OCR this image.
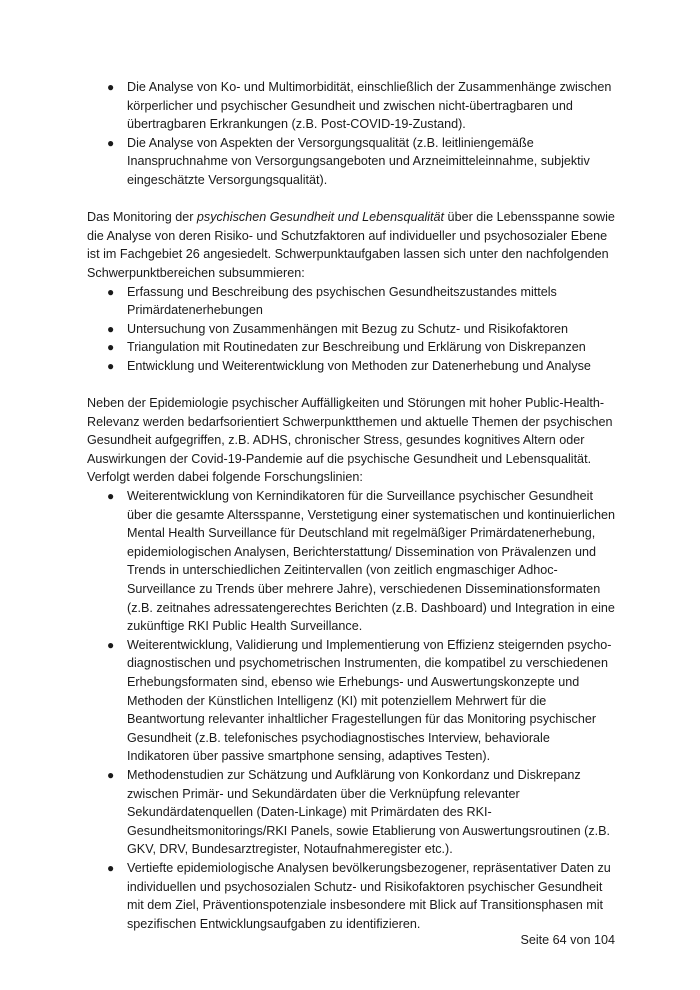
● Die Analyse von Ko- und Multimorbidität, einschließlich der Zusammenhänge zwischen körperlicher und psychischer Gesundheit und zwischen nicht-übertragbaren und übertragbaren Erkrankungen (z.B. Post-COVID-19-Zustand).
● Die Analyse von Aspekten der Versorgungsqualität (z.B. leitliniengemäße Inanspruchnahme von Versorgungsangeboten und Arzneimitteleinnahme, subjektiv eingeschätzte Versorgungsqualität).

Das Monitoring der psychischen Gesundheit und Lebensqualität über die Lebensspanne sowie die Analyse von deren Risiko- und Schutzfaktoren auf individueller und psychosozialer Ebene ist im Fachgebiet 26 angesiedelt. Schwerpunktaufgaben lassen sich unter den nachfolgenden Schwerpunktbereichen subsummieren:

● Erfassung und Beschreibung des psychischen Gesundheitszustandes mittels Primärdatenerhebungen
● Untersuchung von Zusammenhängen mit Bezug zu Schutz- und Risikofaktoren
● Triangulation mit Routinedaten zur Beschreibung und Erklärung von Diskrepanzen
● Entwicklung und Weiterentwicklung von Methoden zur Datenerhebung und Analyse

Neben der Epidemiologie psychischer Auffälligkeiten und Störungen mit hoher Public-Health-Relevanz werden bedarfsorientiert Schwerpunktthemen und aktuelle Themen der psychischen Gesundheit aufgegriffen, z.B. ADHS, chronischer Stress, gesundes kognitives Altern oder Auswirkungen der Covid-19-Pandemie auf die psychische Gesundheit und Lebensqualität. Verfolgt werden dabei folgende Forschungslinien:

● Weiterentwicklung von Kernindikatoren für die Surveillance psychischer Gesundheit über die gesamte Altersspanne, Verstetigung einer systematischen und kontinuierlichen Mental Health Surveillance für Deutschland mit regelmäßiger Primärdatenerhebung, epidemiologischen Analysen, Berichterstattung/ Dissemination von Prävalenzen und Trends in unterschiedlichen Zeitintervallen (von zeitlich engmaschiger Adhoc-Surveillance zu Trends über mehrere Jahre), verschiedenen Disseminationsformaten (z.B. zeitnahes adressatengerechtes Berichten (z.B. Dashboard) und Integration in eine zukünftige RKI Public Health Surveillance.
● Weiterentwicklung, Validierung und Implementierung von Effizienz steigernden psycho-diagnostischen und psychometrischen Instrumenten, die kompatibel zu verschiedenen Erhebungsformaten sind, ebenso wie Erhebungs- und Auswertungskonzepte und Methoden der Künstlichen Intelligenz (KI) mit potenziellem Mehrwert für die Beantwortung relevanter inhaltlicher Fragestellungen für das Monitoring psychischer Gesundheit (z.B. telefonisches psychodiagnostisches Interview, behaviorale Indikatoren über passive smartphone sensing, adaptives Testen).
● Methodenstudien zur Schätzung und Aufklärung von Konkordanz und Diskrepanz zwischen Primär- und Sekundärdaten über die Verknüpfung relevanter Sekundärdatenquellen (Daten-Linkage) mit Primärdaten des RKI-Gesundheitsmonitorings/RKI Panels, sowie Etablierung von Auswertungsroutinen (z.B. GKV, DRV, Bundesarztregister, Notaufnahmeregister etc.).
● Vertiefte epidemiologische Analysen bevölkerungsbezogener, repräsentativer Daten zu individuellen und psychosozialen Schutz- und Risikofaktoren psychischer Gesundheit mit dem Ziel, Präventionspotenziale insbesondere mit Blick auf Transitionsphasen mit spezifischen Entwicklungsaufgaben zu identifizieren.
Seite 64 von 104
